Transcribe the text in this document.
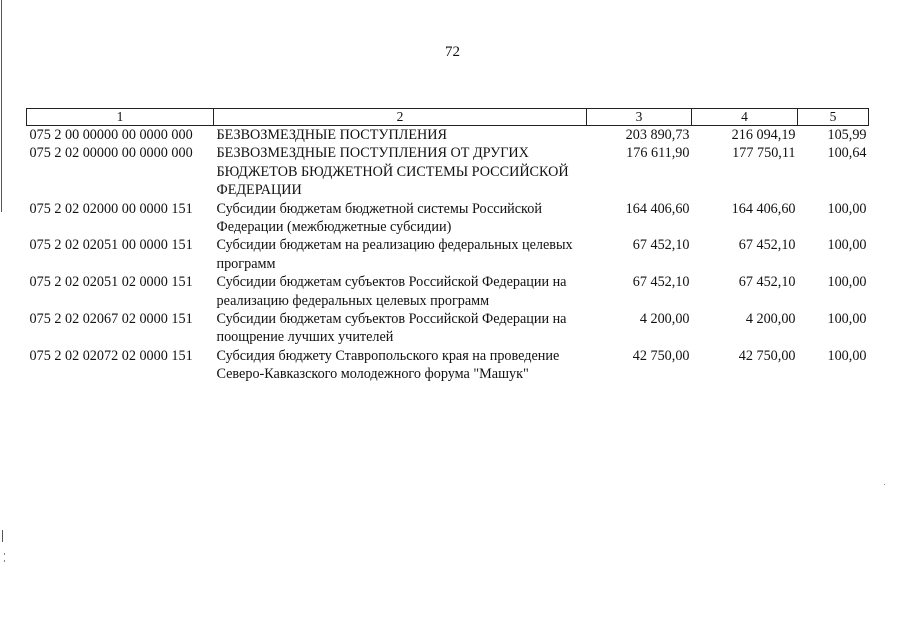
72
1	2	3	4	5
075 2 00 00000 00 0000 000	БЕЗВОЗМЕЗДНЫЕ ПОСТУПЛЕНИЯ	203 890,73	216 094,19	105,99
075 2 02 00000 00 0000 000	БЕЗВОЗМЕЗДНЫЕ ПОСТУПЛЕНИЯ ОТ ДРУГИХ БЮДЖЕТОВ БЮДЖЕТНОЙ СИСТЕМЫ РОССИЙСКОЙ ФЕДЕРАЦИИ	176 611,90	177 750,11	100,64
075 2 02 02000 00 0000 151	Субсидии бюджетам бюджетной системы Российской Федерации (межбюджетные субсидии)	164 406,60	164 406,60	100,00
075 2 02 02051 00 0000 151	Субсидии бюджетам на реализацию федеральных целевых программ	67 452,10	67 452,10	100,00
075 2 02 02051 02 0000 151	Субсидии бюджетам субъектов Российской Федерации на реализацию федеральных целевых программ	67 452,10	67 452,10	100,00
075 2 02 02067 02 0000 151	Субсидии бюджетам субъектов Российской Федерации на поощрение лучших учителей	4 200,00	4 200,00	100,00
075 2 02 02072 02 0000 151	Субсидия бюджету Ставропольского края на проведение Северо-Кавказского молодежного форума "Машук"	42 750,00	42 750,00	100,00
